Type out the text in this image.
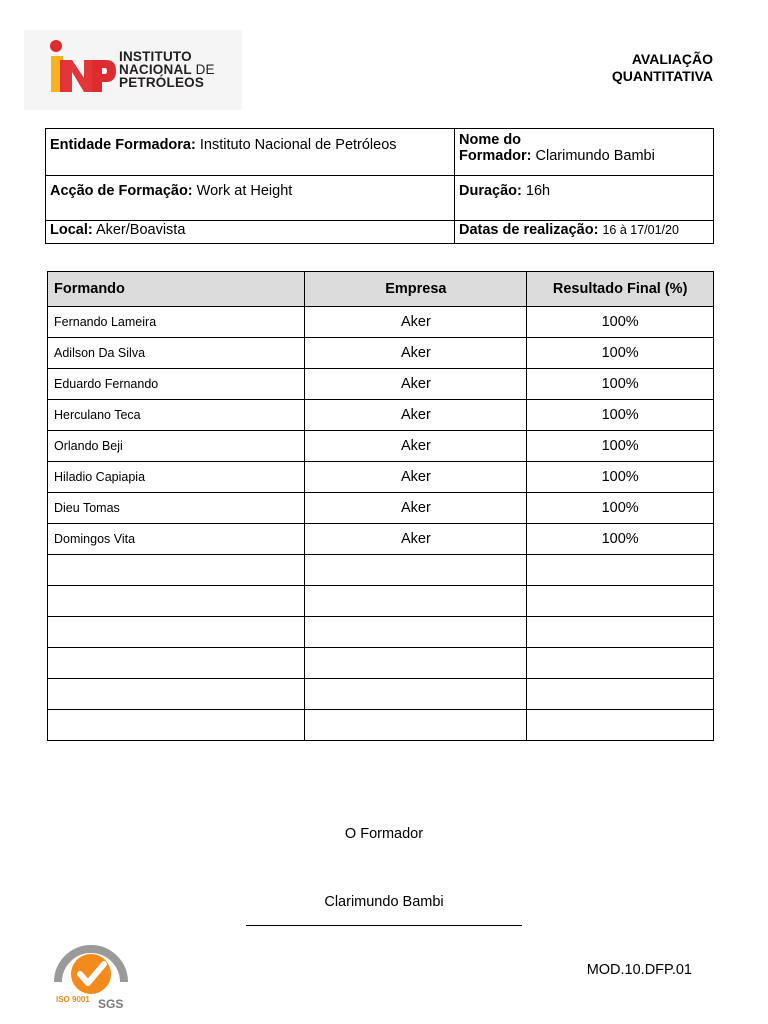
INSTITUTO
NACIONAL DE
PETRÓLEOS
AVALIAÇÃO
QUANTITATIVA
Entidade Formadora: Instituto Nacional de Petróleos	Nome do
Formador: Clarimundo Bambi
Acção de Formação: Work at Height	Duração: 16h
Local: Aker/Boavista	Datas de realização: 16 à 17/01/20
Formando	Empresa	Resultado Final (%)
Fernando Lameira	Aker	100%
Adilson Da Silva	Aker	100%
Eduardo Fernando	Aker	100%
Herculano Teca	Aker	100%
Orlando Beji	Aker	100%
Hiladio Capiapia	Aker	100%
Dieu Tomas	Aker	100%
Domingos Vita	Aker	100%

O Formador
Clarimundo Bambi
ISO 9001 SGS
MOD.10.DFP.01
